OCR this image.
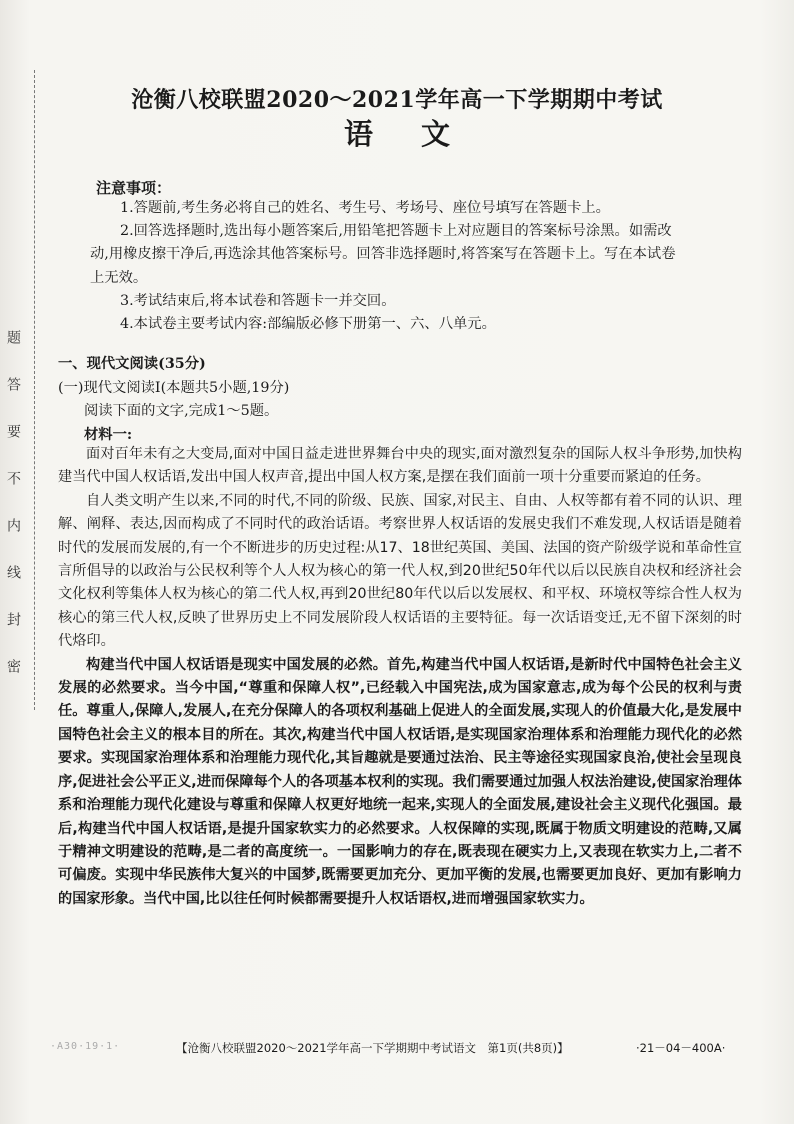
题答要不内线封密
沧衡八校联盟2020～2021学年高一下学期期中考试
语文
注意事项：

1.答题前,考生务必将自己的姓名、考生号、考场号、座位号填写在答题卡上。

2.回答选择题时,选出每小题答案后,用铅笔把答题卡上对应题目的答案标号涂黑。如需改动,用橡皮擦干净后,再选涂其他答案标号。回答非选择题时,将答案写在答题卡上。写在本试卷上无效。

3.考试结束后,将本试卷和答题卡一并交回。

4.本试卷主要考试内容:部编版必修下册第一、六、八单元。

一、现代文阅读(35分)
(一)现代文阅读Ⅰ(本题共5小题,19分)
阅读下面的文字,完成1～5题。
材料一:

面对百年未有之大变局,面对中国日益走进世界舞台中央的现实,面对激烈复杂的国际人权斗争形势,加快构建当代中国人权话语,发出中国人权声音,提出中国人权方案,是摆在我们面前一项十分重要而紧迫的任务。

自人类文明产生以来,不同的时代,不同的阶级、民族、国家,对民主、自由、人权等都有着不同的认识、理解、阐释、表达,因而构成了不同时代的政治话语。考察世界人权话语的发展史我们不难发现,人权话语是随着时代的发展而发展的,有一个不断进步的历史过程:从17、18世纪英国、美国、法国的资产阶级学说和革命性宣言所倡导的以政治与公民权利等个人人权为核心的第一代人权,到20世纪50年代以后以民族自决权和经济社会文化权利等集体人权为核心的第二代人权,再到20世纪80年代以后以发展权、和平权、环境权等综合性人权为核心的第三代人权,反映了世界历史上不同发展阶段人权话语的主要特征。每一次话语变迁,无不留下深刻的时代烙印。

构建当代中国人权话语是现实中国发展的必然。首先,构建当代中国人权话语,是新时代中国特色社会主义发展的必然要求。当今中国,“尊重和保障人权”,已经载入中国宪法,成为国家意志,成为每个公民的权利与责任。尊重人,保障人,发展人,在充分保障人的各项权利基础上促进人的全面发展,实现人的价值最大化,是发展中国特色社会主义的根本目的所在。其次,构建当代中国人权话语,是实现国家治理体系和治理能力现代化的必然要求。实现国家治理体系和治理能力现代化,其旨趣就是要通过法治、民主等途径实现国家良治,使社会呈现良序,促进社会公平正义,进而保障每个人的各项基本权利的实现。我们需要通过加强人权法治建设,使国家治理体系和治理能力现代化建设与尊重和保障人权更好地统一起来,实现人的全面发展,建设社会主义现代化强国。最后,构建当代中国人权话语,是提升国家软实力的必然要求。人权保障的实现,既属于物质文明建设的范畴,又属于精神文明建设的范畴,是二者的高度统一。一国影响力的存在,既表现在硬实力上,又表现在软实力上,二者不可偏废。实现中华民族伟大复兴的中国梦,既需要更加充分、更加平衡的发展,也需要更加良好、更加有影响力的国家形象。当代中国,比以往任何时候都需要提升人权话语权,进而增强国家软实力。

·A30·19·1·	【沧衡八校联盟2020～2021学年高一下学期期中考试语文　第1页(共8页)】	·21－04－400A·
